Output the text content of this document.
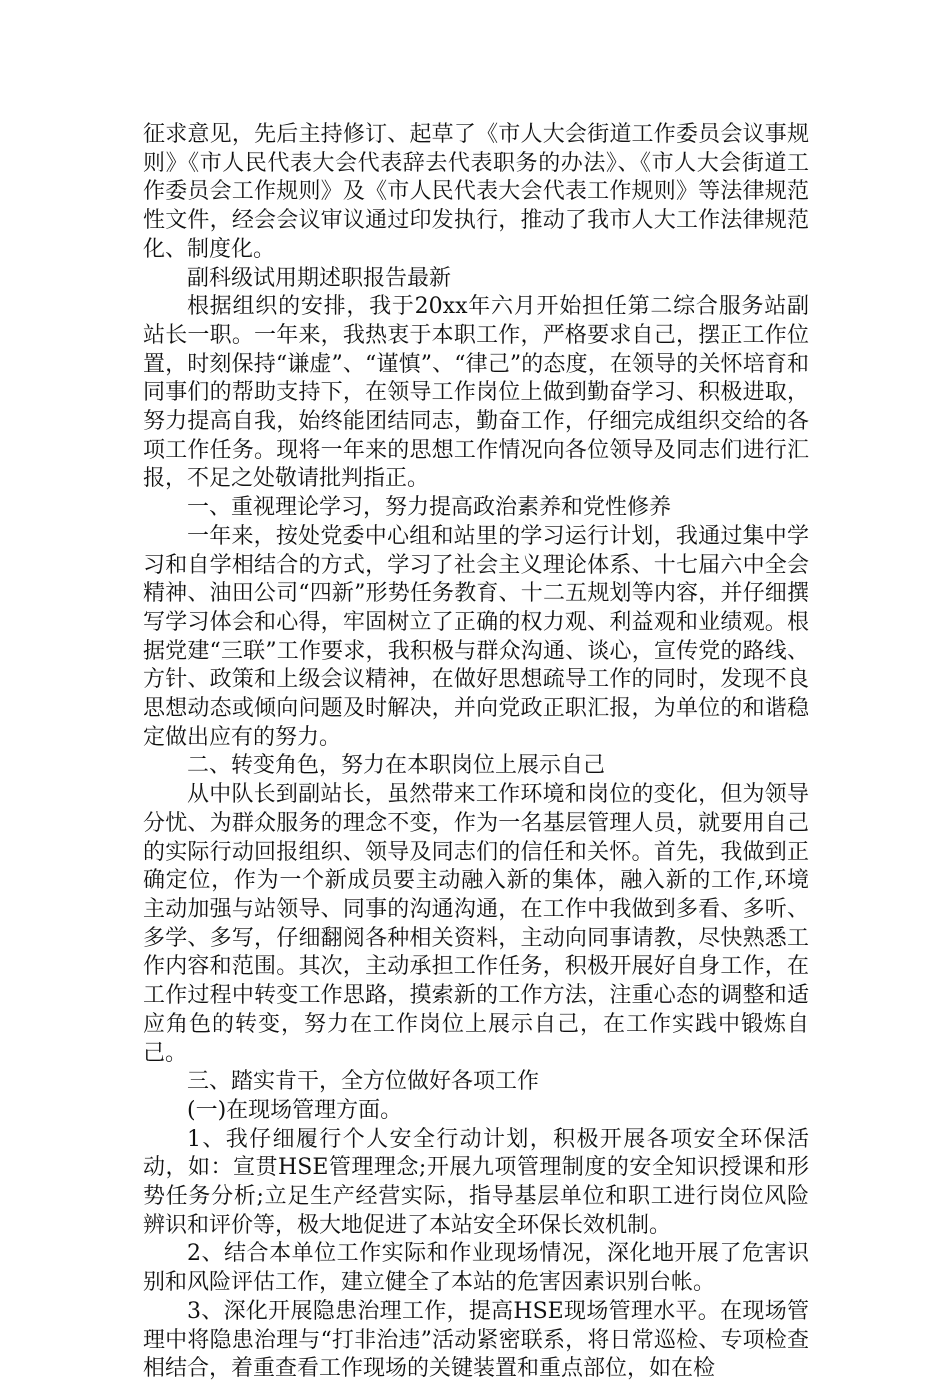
征求意见，先后主持修订、起草了《市人大会街道工作委员会议事规则》《市人民代表大会代表辞去代表职务的办法》、《市人大会街道工作委员会工作规则》及《市人民代表大会代表工作规则》等法律规范性文件，经会会议审议通过印发执行，推动了我市人大工作法律规范化、制度化。

副科级试用期述职报告最新

根据组织的安排，我于20xx年六月开始担任第二综合服务站副站长一职。一年来，我热衷于本职工作，严格要求自己，摆正工作位置，时刻保持“谦虚”、“谨慎”、“律己”的态度，在领导的关怀培育和同事们的帮助支持下，在领导工作岗位上做到勤奋学习、积极进取，努力提高自我，始终能团结同志，勤奋工作，仔细完成组织交给的各项工作任务。现将一年来的思想工作情况向各位领导及同志们进行汇报，不足之处敬请批判指正。

一、重视理论学习，努力提高政治素养和党性修养

一年来，按处党委中心组和站里的学习运行计划，我通过集中学习和自学相结合的方式，学习了社会主义理论体系、十七届六中全会精神、油田公司“四新”形势任务教育、十二五规划等内容，并仔细撰写学习体会和心得，牢固树立了正确的权力观、利益观和业绩观。根据党建“三联”工作要求，我积极与群众沟通、谈心，宣传党的路线、方针、政策和上级会议精神，在做好思想疏导工作的同时，发现不良思想动态或倾向问题及时解决，并向党政正职汇报，为单位的和谐稳定做出应有的努力。

二、转变角色，努力在本职岗位上展示自己

从中队长到副站长，虽然带来工作环境和岗位的变化，但为领导分忧、为群众服务的理念不变，作为一名基层管理人员，就要用自己的实际行动回报组织、领导及同志们的信任和关怀。首先，我做到正确定位，作为一个新成员要主动融入新的集体，融入新的工作,环境主动加强与站领导、同事的沟通沟通，在工作中我做到多看、多听、多学、多写，仔细翻阅各种相关资料，主动向同事请教，尽快熟悉工作内容和范围。其次，主动承担工作任务，积极开展好自身工作，在工作过程中转变工作思路，摸索新的工作方法，注重心态的调整和适应角色的转变，努力在工作岗位上展示自己，在工作实践中锻炼自己。

三、踏实肯干，全方位做好各项工作

(一)在现场管理方面。

1、我仔细履行个人安全行动计划，积极开展各项安全环保活动，如：宣贯HSE管理理念;开展九项管理制度的安全知识授课和形势任务分析;立足生产经营实际，指导基层单位和职工进行岗位风险辨识和评价等，极大地促进了本站安全环保长效机制。

2、结合本单位工作实际和作业现场情况，深化地开展了危害识别和风险评估工作，建立健全了本站的危害因素识别台帐。

3、深化开展隐患治理工作，提高HSE现场管理水平。在现场管理中将隐患治理与“打非治违”活动紧密联系，将日常巡检、专项检查相结合，着重查看工作现场的关键装置和重点部位，如在检
